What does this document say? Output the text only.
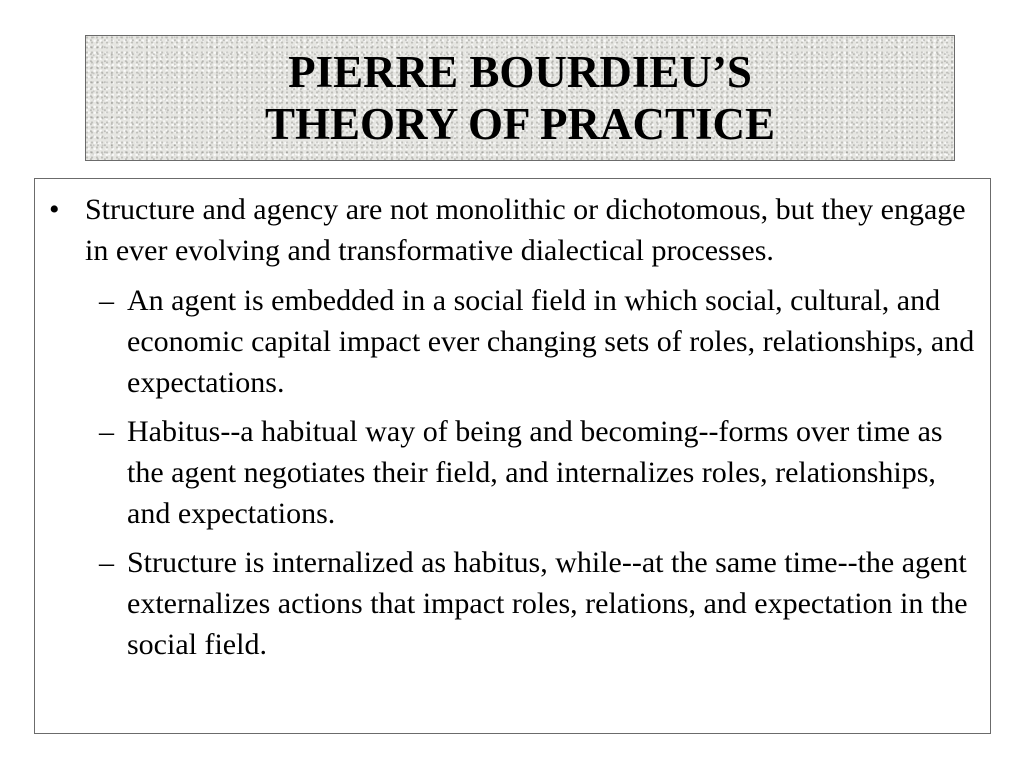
PIERRE BOURDIEU’S
THEORY OF PRACTICE
• Structure and agency are not monolithic or dichotomous, but they engage in ever evolving and transformative dialectical processes.
– An agent is embedded in a social field in which social, cultural, and economic capital impact ever changing sets of roles, relationships, and expectations.
– Habitus--a habitual way of being and becoming--forms over time as the agent negotiates their field, and internalizes roles, relationships, and expectations.
– Structure is internalized as habitus, while--at the same time--the agent externalizes actions that impact roles, relations, and expectation in the social field.
